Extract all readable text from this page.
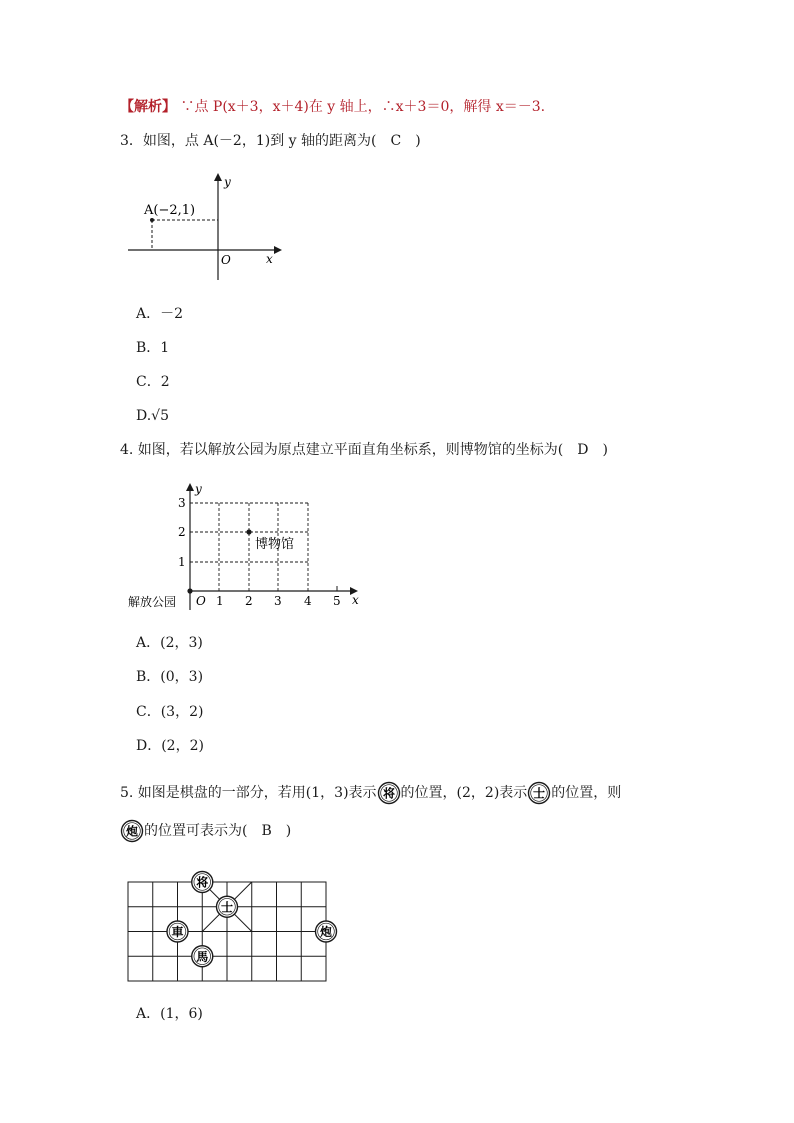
【解析】 ∵点 P(x＋3，x＋4)在 y 轴上，∴x＋3＝0，解得 x＝－3.
3．如图，点 A(－2，1)到 y 轴的距离为(　C　)
A(−2,1)
O	x
y
A．－2
B．1
C．2
D.√5
4. 如图，若以解放公园为原点建立平面直角坐标系，则博物馆的坐标为(　D　)
1 2 3 4 5
1
2
3
O	x
y
解放公园
博物馆
A．(2，3)
B．(0，3)
C．(3，2)
D．(2，2)
5. 如图是棋盘的一部分，若用(1，3)表示 将 的位置，(2，2)表示 士 的位置，则
炮 的位置可表示为(　B　)
将
士
車
馬
炮
A．(1，6)
